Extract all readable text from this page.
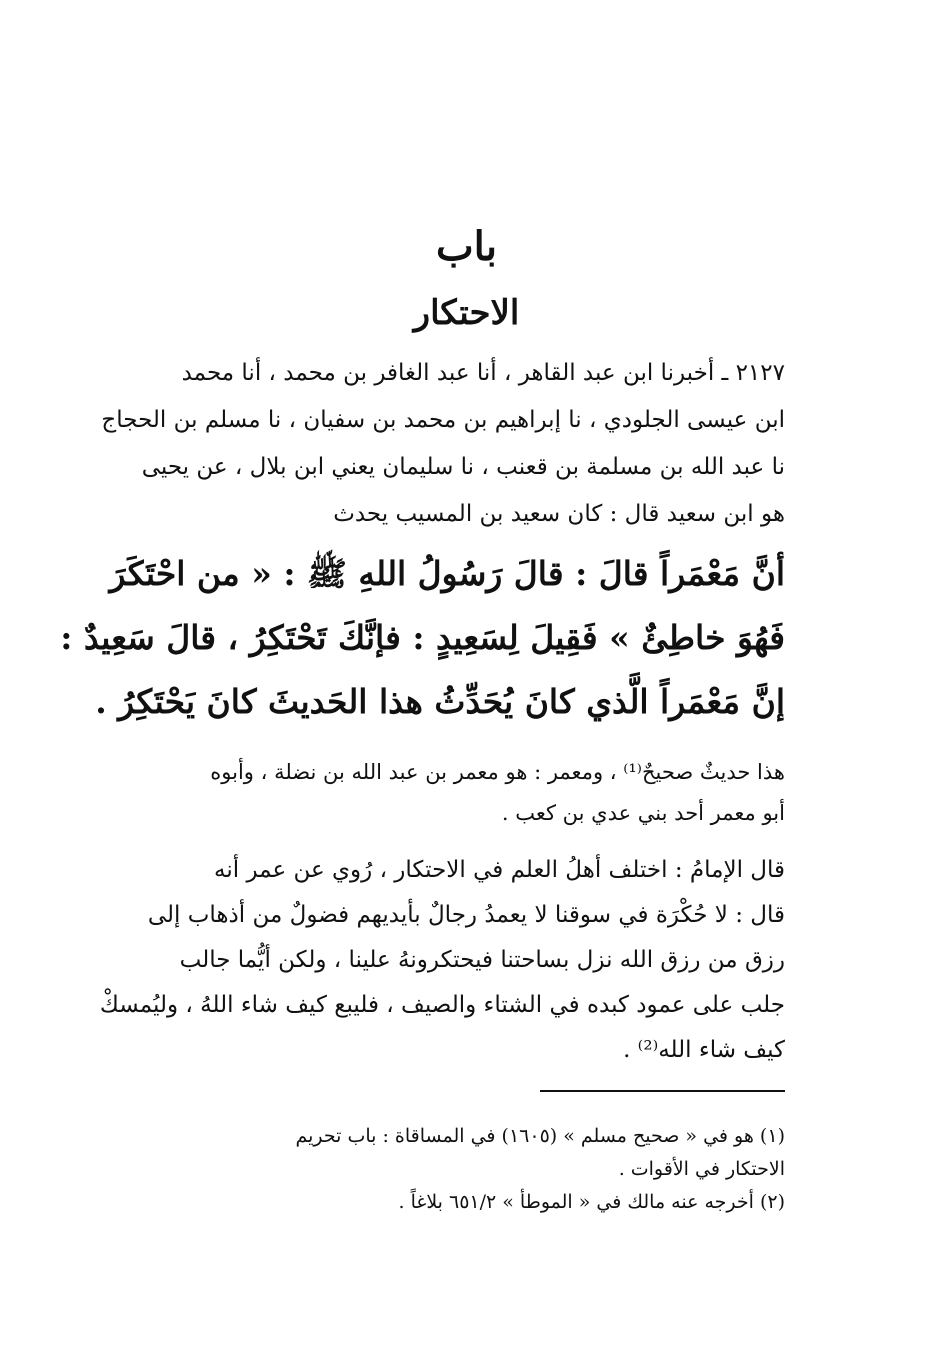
باب
الاحتكار
٢١٢٧ ـ أخبرنا ابن عبد القاهر ، أنا عبد الغافر بن محمد ، أنا محمد
ابن عيسى الجلودي ، نا إبراهيم بن محمد بن سفيان ، نا مسلم بن الحجاج
نا عبد الله بن مسلمة بن قعنب ، نا سليمان يعني ابن بلال ، عن يحيى
هو ابن سعيد قال : كان سعيد بن المسيب يحدث
أنَّ مَعْمَراً قالَ : قالَ رَسُولُ اللهِ ﷺ : « من احْتَكَرَ
فَهُوَ خاطِئٌ » فَقِيلَ لِسَعِيدٍ : فإنَّكَ تَحْتَكِرُ ، قالَ سَعِيدٌ :
إنَّ مَعْمَراً الَّذي كانَ يُحَدِّثُ هذا الحَديثَ كانَ يَحْتَكِرُ .
هذا حديثٌ صحيحٌ⁽¹⁾ ، ومعمر : هو معمر بن عبد الله بن نضلة ، وأبوه
أبو معمر أحد بني عدي بن كعب .
قال الإمامُ : اختلف أهلُ العلم في الاحتكار ، رُوي عن عمر أنه
قال : لا حُكْرَة في سوقنا لا يعمدُ رجالٌ بأيديهم فضولٌ من أذهاب إلى
رزق من رزق الله نزل بساحتنا فيحتكرونهُ علينا ، ولكن أيُّما جالب
جلب على عمود كبده في الشتاء والصيف ، فليبع كيف شاء اللهُ ، وليُمسكْ
كيف شاء الله⁽²⁾ .
(١) هو في « صحيح مسلم » (١٦٠٥) في المساقاة : باب تحريم
الاحتكار في الأقوات .
(٢) أخرجه عنه مالك في « الموطأ » ٦٥١/٢ بلاغاً .
